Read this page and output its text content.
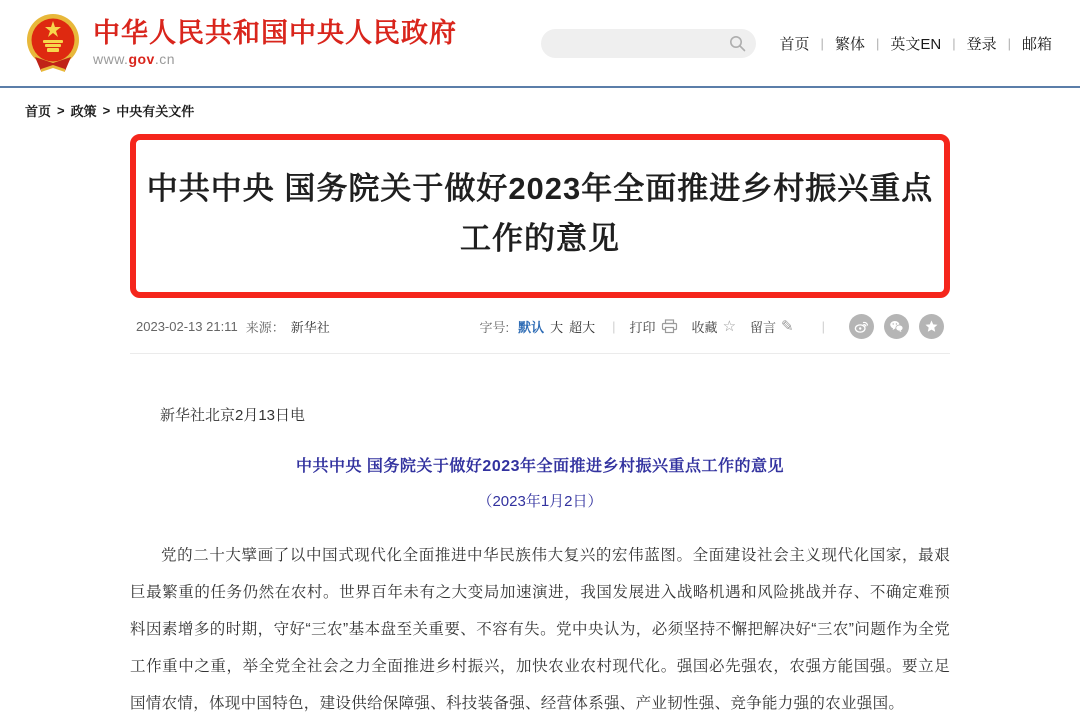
中华人民共和国中央人民政府
www.gov.cn
首页 | 繁体 | 英文EN | 登录 | 邮箱
首页 > 政策 > 中央有关文件
中共中央 国务院关于做好2023年全面推进乡村振兴重点工作的意见
2023-02-13 21:11 来源： 新华社	字号: 默认 大 超大 | 打印	收藏 ☆ 留言 ✎ |

新华社北京2月13日电

中共中央 国务院关于做好2023年全面推进乡村振兴重点工作的意见

（2023年1月2日）

党的二十大擘画了以中国式现代化全面推进中华民族伟大复兴的宏伟蓝图。全面建设社会主义现代化国家，最艰巨最繁重的任务仍然在农村。世界百年未有之大变局加速演进，我国发展进入战略机遇和风险挑战并存、不确定难预料因素增多的时期，守好“三农”基本盘至关重要、不容有失。党中央认为，必须坚持不懈把解决好“三农”问题作为全党工作重中之重，举全党全社会之力全面推进乡村振兴，加快农业农村现代化。强国必先强农，农强方能国强。要立足国情农情，体现中国特色，建设供给保障强、科技装备强、经营体系强、产业韧性强、竞争能力强的农业强国。
